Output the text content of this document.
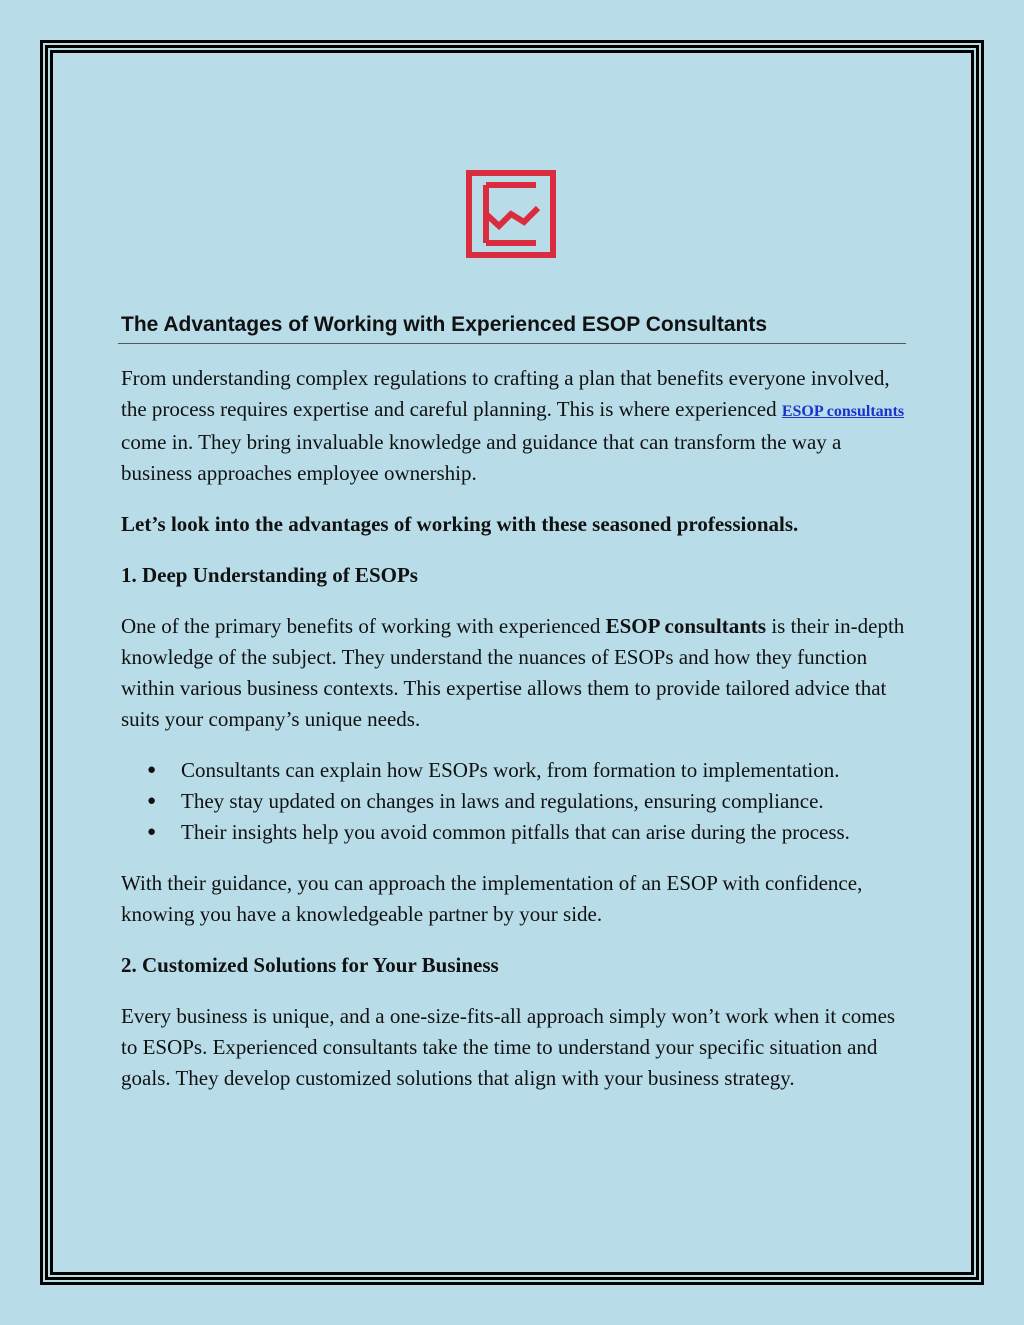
The Advantages of Working with Experienced ESOP Consultants

From understanding complex regulations to crafting a plan that benefits everyone involved, the process requires expertise and careful planning. This is where experienced ESOP consultants come in. They bring invaluable knowledge and guidance that can transform the way a business approaches employee ownership.

Let’s look into the advantages of working with these seasoned professionals.

1. Deep Understanding of ESOPs

One of the primary benefits of working with experienced ESOP consultants is their in-depth knowledge of the subject. They understand the nuances of ESOPs and how they function within various business contexts. This expertise allows them to provide tailored advice that suits your company’s unique needs.

● Consultants can explain how ESOPs work, from formation to implementation.
● They stay updated on changes in laws and regulations, ensuring compliance.
● Their insights help you avoid common pitfalls that can arise during the process.

With their guidance, you can approach the implementation of an ESOP with confidence, knowing you have a knowledgeable partner by your side.

2. Customized Solutions for Your Business

Every business is unique, and a one-size-fits-all approach simply won’t work when it comes to ESOPs. Experienced consultants take the time to understand your specific situation and goals. They develop customized solutions that align with your business strategy.
